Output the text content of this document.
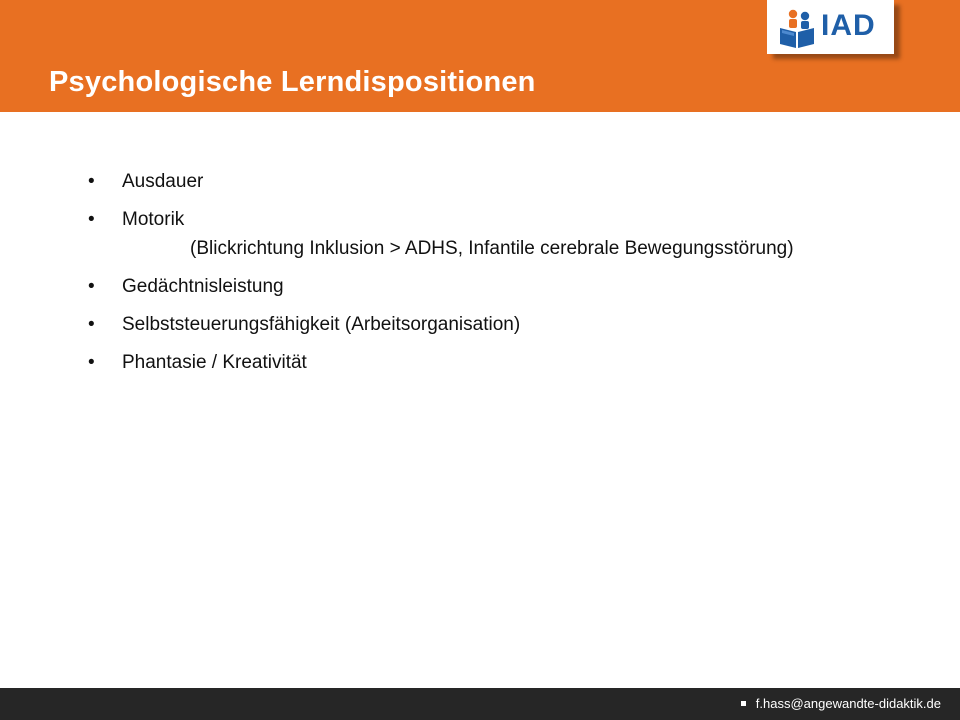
IAD
Psychologische Lerndispositionen
• Ausdauer
• Motorik
(Blickrichtung Inklusion > ADHS, Infantile cerebrale Bewegungsstörung)
• Gedächtnisleistung
• Selbststeuerungsfähigkeit (Arbeitsorganisation)
• Phantasie / Kreativität
f.hass@angewandte-didaktik.de
